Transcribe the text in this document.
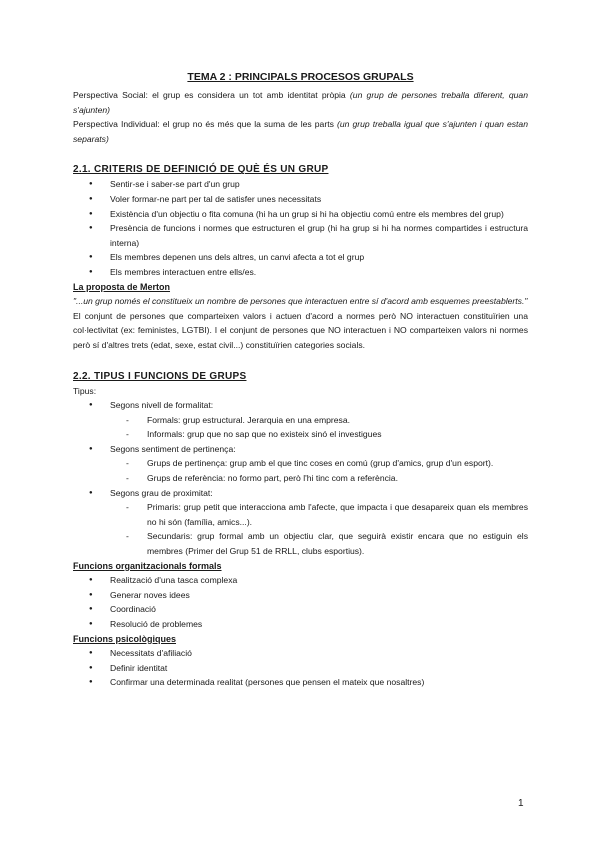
TEMA 2 : PRINCIPALS PROCESOS GRUPALS

Perspectiva Social: el grup es considera un tot amb identitat pròpia (un grup de persones treballa diferent, quan s'ajunten)

Perspectiva Individual: el grup no és més que la suma de les parts (un grup treballa igual que s'ajunten i quan estan separats)

2.1. CRITERIS DE DEFINICIÓ DE QUÈ ÉS UN GRUP
● Sentir-se i saber-se part d'un grup
● Voler formar-ne part per tal de satisfer unes necessitats
● Existència d'un objectiu o fita comuna (hi ha un grup si hi ha objectiu comú entre els membres del grup)
● Presència de funcions i normes que estructuren el grup (hi ha grup si hi ha normes compartides i estructura interna)
● Els membres depenen uns dels altres, un canvi afecta a tot el grup
● Els membres interactuen entre ells/es.
La proposta de Merton

"...un grup només el constitueix un nombre de persones que interactuen entre sí d'acord amb esquemes preestablerts."

El conjunt de persones que comparteixen valors i actuen d'acord a normes però NO interactuen constituïrien una col·lectivitat (ex: feministes, LGTBI). I el conjunt de persones que NO interactuen i NO comparteixen valors ni normes però sí d'altres trets (edat, sexe, estat civil...) constituïrien categories socials.

2.2. TIPUS I FUNCIONS DE GRUPS

Tipus:

● Segons nivell de formalitat:
- Formals: grup estructural. Jerarquia en una empresa.
- Informals: grup que no sap que no existeix sinó el investigues
● Segons sentiment de pertinença:
- Grups de pertinença: grup amb el que tinc coses en comú (grup d'amics, grup d'un esport).
- Grups de referència: no formo part, però l'hi tinc com a referència.
● Segons grau de proximitat:
- Primaris: grup petit que interacciona amb l'afecte, que impacta i que desapareix quan els membres no hi són (família, amics...).
- Secundaris: grup formal amb un objectiu clar, que seguirà existir encara que no estiguin els membres (Primer del Grup 51 de RRLL, clubs esportius).
Funcions organitzacionals formals
● Realització d'una tasca complexa
● Generar noves idees
● Coordinació
● Resolució de problemes
Funcions psicològiques
● Necessitats d'afiliació
● Definir identitat
● Confirmar una determinada realitat (persones que pensen el mateix que nosaltres)
1
